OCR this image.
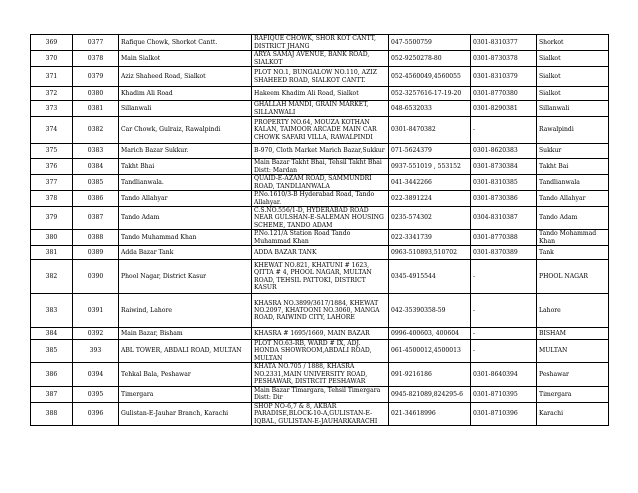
369	0377	Rafique Chowk, Shorkot Cantt.	RAFIQUE CHOWK, SHOR KOT CANTT, DISTRICT JHANG	047-5500759	0301-8310377	Shorkot
370	0378	Main Sialkot	ARYA SAMAJ AVENUE, BANK ROAD, SIALKOT	052-9250278-80	0301-8730378	Sialkot
371	0379	Aziz Shaheed Road, Sialkot	PLOT NO.1, BUNGALOW NO.110, AZIZ SHAHEED ROAD, SIALKOT CANTT.	052-4560049,4560055	0301-8310379	Sialkot
372	0380	Khadim Ali Road	Hakeem Khadim Ali Road, Sialkot	052-3257616-17-19-20	0301-8770380	Sialkot
373	0381	Sillanwali	GHALLAH MANDI, GRAIN MARKET, SILLANWALI	048-6532033	0301-8290381	Sillanwali
374	0382	Car Chowk, Gulraiz, Rawalpindi	PROPERTY NO.64, MOUZA KOTHAN KALAN, TAIMOOR ARCADE MAIN CAR CHOWK SAFARI VILLA, RAWALPINDI	0301-8470382	-	Rawalpindi
375	0383	Marich Bazar Sukkur.	B-970, Cloth Market Marich Bazar,Sukkur	071-5624379	0301-8620383	Sukkur
376	0384	Takht Bhai	Main Bazar Takht Bhai, Tehsil Takht Bhai Distt: Mardan	0937-551019 , 553152	0301-8730384	Takht Bai
377	0385	Tandlianwala.	QUAID-E-AZAM ROAD, SAMMUNDRI ROAD, TANDLIANWALA	041-3442266	0301-8310385	Tandlianwala
378	0386	Tando Allahyar	P.No.1610/3-B Hyderabad Road, Tando Allahyar.	022-3891224	0301-8730386	Tando Allahyar
379	0387	Tando Adam	C.S.NO.556/1-D, HYDERABAD ROAD NEAR GULSHAN-E-SALEMAN HOUSING SCHEME, TANDO ADAM	0235-574302	0304-8310387	Tando Adam
380	0388	Tando Muhammad Khan	P.No.121/A Station Road Tando Muhammad Khan	022-3341739	0301-8770388	Tando Mohammad Khan
381	0389	Adda Bazar Tank	ADDA BAZAR TANK	0963-510893,510702	0301-8370389	Tank
382	0390	Phool Nagar, District Kasur	KHEWAT NO.821, KHATUNI # 1623, QITTA # 4, PHOOL NAGAR, MULTAN ROAD, TEHSIL PATTOKI, DISTRICT KASUR	0345-4915544	-	PHOOL NAGAR
383	0391	Raiwind, Lahore	KHASRA NO.3899/3617/1884, KHEWAT NO.2097, KHATOONI NO.3060, MANGA ROAD, RAIWIND CITY, LAHORE	042-35390358-59	-	Lahore
384	0392	Main Bazar, Bisham	KHASRA # 1695/1669, MAIN BAZAR	0996-400603, 400604	-	BISHAM
385	393	ABL TOWER, ABDALI ROAD, MULTAN	PLOT NO.63-RB, WARD # IX, ADJ. HONDA SHOWROOM,ABDALI ROAD, MULTAN	061-4500012,4500013	-	MULTAN
386	0394	Tehkal Bala, Peshawar	KHATA NO.705 / 1888, KHASRA NO.2331,MAIN UNIVERSITY ROAD, PESHAWAR, DISTRCIT PESHAWAR	091-9216186	0301-8640394	Peshawar
387	0395	Timergara	Main Bazar Timargara, Tehsil Timergara Distt: Dir	0945-821089,824295-6	0301-8710395	Timergara
388	0396	Gulistan-E-Jauhar Branch, Karachi	SHOP NO-6,7 & 8, AKBAR PARADISE,BLOCK-10-A,GULISTAN-E-IQBAL, GULISTAN-E-JAUHARKARACHI	021-34618996	0301-8710396	Karachi
